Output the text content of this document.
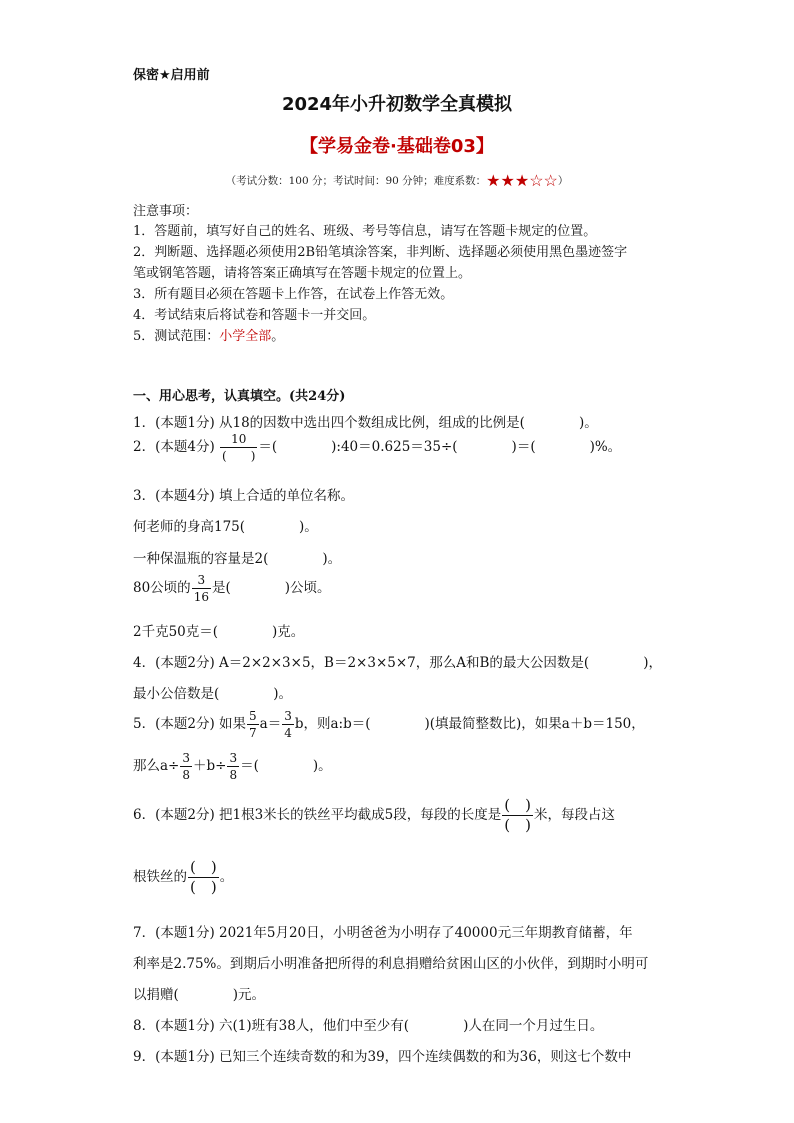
保密★启用前
2024年小升初数学全真模拟
【学易金卷·基础卷03】
（考试分数：100 分；考试时间：90 分钟；难度系数：★★★☆☆）
注意事项：
1．答题前，填写好自己的姓名、班级、考号等信息，请写在答题卡规定的位置。
2．判断题、选择题必须使用2B铅笔填涂答案，非判断、选择题必须使用黑色墨迹签字
笔或钢笔答题，请将答案正确填写在答题卡规定的位置上。
3．所有题目必须在答题卡上作答，在试卷上作答无效。
4．考试结束后将试卷和答题卡一并交回。
5．测试范围：小学全部。
一、用心思考，认真填空。(共24分)
1．(本题1分) 从18的因数中选出四个数组成比例，组成的比例是(　　　　)。
2．(本题4分) $\frac{10}{( )}$ ＝(　　　　):40＝0.625＝35÷(　　　　)＝(　　　　)%。
3．(本题4分) 填上合适的单位名称。
何老师的身高175(　　　　)。
一种保温瓶的容量是2(　　　　)。
80公顷的 $\frac{3}{16}$ 是(　　　　)公顷。
2千克50克＝(　　　　)克。
4．(本题2分) A＝2×2×3×5，B＝2×3×5×7，那么A和B的最大公因数是(　　　　)，
最小公倍数是(　　　　)。
5．(本题2分) 如果 $\frac{5}{7} a= \frac{3}{4}$ b，则a:b＝(　　　　)(填最简整数比)，如果a＋b＝150，
那么$a\div \frac{3}{8} +b\div \frac{3}{8}$ ＝(　　　　)。
6．(本题2分) 把1根3米长的铁丝平均截成5段，每段的长度是 $\frac{( )}{( )}$ 米，每段占这
根铁丝的 $\frac{( )}{( )}$ 。
7．(本题1分) 2021年5月20日，小明爸爸为小明存了40000元三年期教育储蓄，年
利率是2.75%。到期后小明准备把所得的利息捐赠给贫困山区的小伙伴，到期时小明可
以捐赠(　　　　)元。
8．(本题1分) 六(1)班有38人，他们中至少有(　　　　)人在同一个月过生日。
9．(本题1分) 已知三个连续奇数的和为39，四个连续偶数的和为36，则这七个数中
